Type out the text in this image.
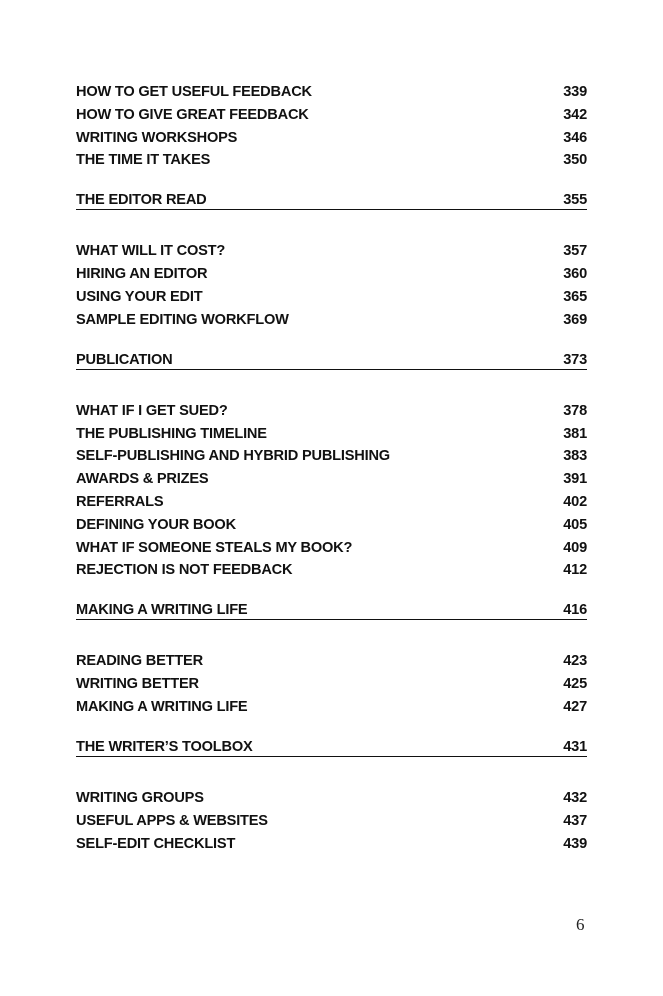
HOW TO GET USEFUL FEEDBACK	339
HOW TO GIVE GREAT FEEDBACK	342
WRITING WORKSHOPS	346
THE TIME IT TAKES	350
THE EDITOR READ	355
WHAT WILL IT COST?	357
HIRING AN EDITOR	360
USING YOUR EDIT	365
SAMPLE EDITING WORKFLOW	369
PUBLICATION	373
WHAT IF I GET SUED?	378
THE PUBLISHING TIMELINE	381
SELF-PUBLISHING AND HYBRID PUBLISHING	383
AWARDS & PRIZES	391
REFERRALS	402
DEFINING YOUR BOOK	405
WHAT IF SOMEONE STEALS MY BOOK?	409
REJECTION IS NOT FEEDBACK	412
MAKING A WRITING LIFE	416
READING BETTER	423
WRITING BETTER	425
MAKING A WRITING LIFE	427
THE WRITER’S TOOLBOX	431
WRITING GROUPS	432
USEFUL APPS & WEBSITES	437
SELF-EDIT CHECKLIST	439
6
